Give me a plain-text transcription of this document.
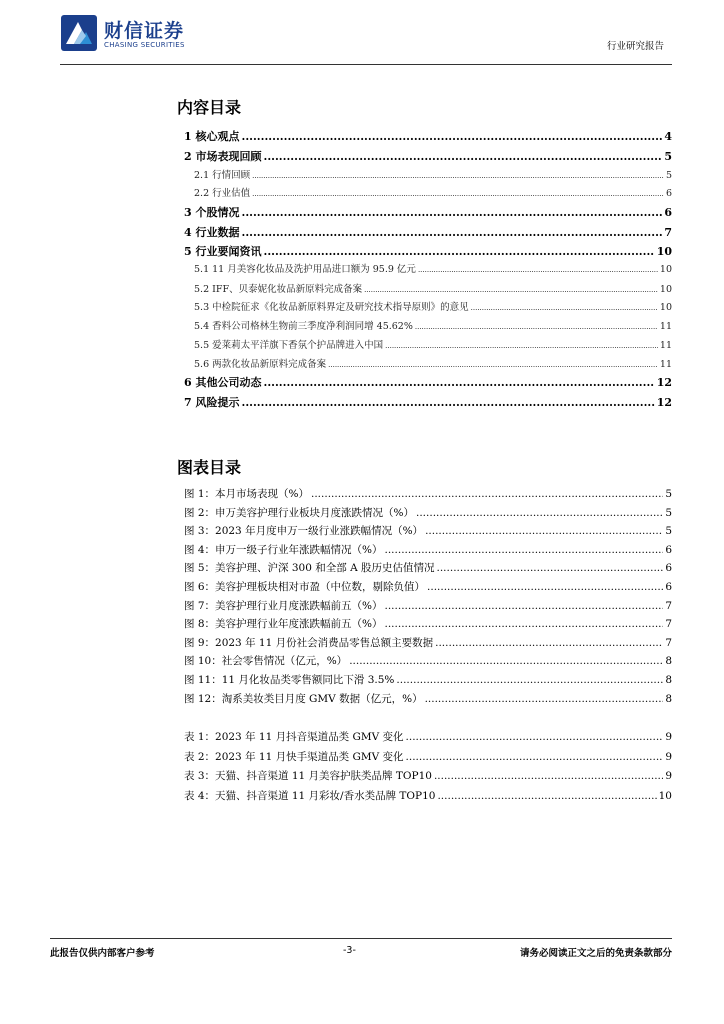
财信证券
CHASING SECURITIES	行业研究报告
内容目录
1 核心观点 .....	4
2 市场表现回顾 .....	5
2.1 行情回顾 .....	5
2.2 行业估值 .....	6
3 个股情况 .....	6
4 行业数据 .....	7
5 行业要闻资讯 .....	10
5.1 11 月美容化妆品及洗护用品进口额为 95.9 亿元 .....	10
5.2 IFF、贝泰妮化妆品新原料完成备案 .....	10
5.3 中检院征求《化妆品新原料界定及研究技术指导原则》的意见 .....	10
5.4 香料公司格林生物前三季度净利润同增 45.62% .....	11
5.5 爱莱莉太平洋旗下香氛个护品牌进入中国 .....	11
5.6 两款化妆品新原料完成备案 .....	11
6 其他公司动态 .....	12
7 风险提示 .....	12
图表目录
图 1：本月市场表现（%） .....	5
图 2：申万美容护理行业板块月度涨跌情况（%） .....	5
图 3：2023 年月度申万一级行业涨跌幅情况（%） .....	5
图 4：申万一级子行业年涨跌幅情况（%） .....	6
图 5：美容护理、沪深 300 和全部 A 股历史估值情况 .....	6
图 6：美容护理板块相对市盈（中位数，剔除负值） .....	6
图 7：美容护理行业月度涨跌幅前五（%） .....	7
图 8：美容护理行业年度涨跌幅前五（%） .....	7
图 9：2023 年 11 月份社会消费品零售总额主要数据 .....	7
图 10：社会零售情况（亿元，%） .....	8
图 11：11 月化妆品类零售额同比下滑 3.5% .....	8
图 12：淘系美妆类目月度 GMV 数据（亿元，%） .....	8
表 1：2023 年 11 月抖音渠道品类 GMV 变化 .....	9
表 2：2023 年 11 月快手渠道品类 GMV 变化 .....	9
表 3：天猫、抖音渠道 11 月美容护肤类品牌 TOP10 .....	9
表 4：天猫、抖音渠道 11 月彩妆/香水类品牌 TOP10 .....	10
此报告仅供内部客户参考	-3-	请务必阅读正文之后的免责条款部分
